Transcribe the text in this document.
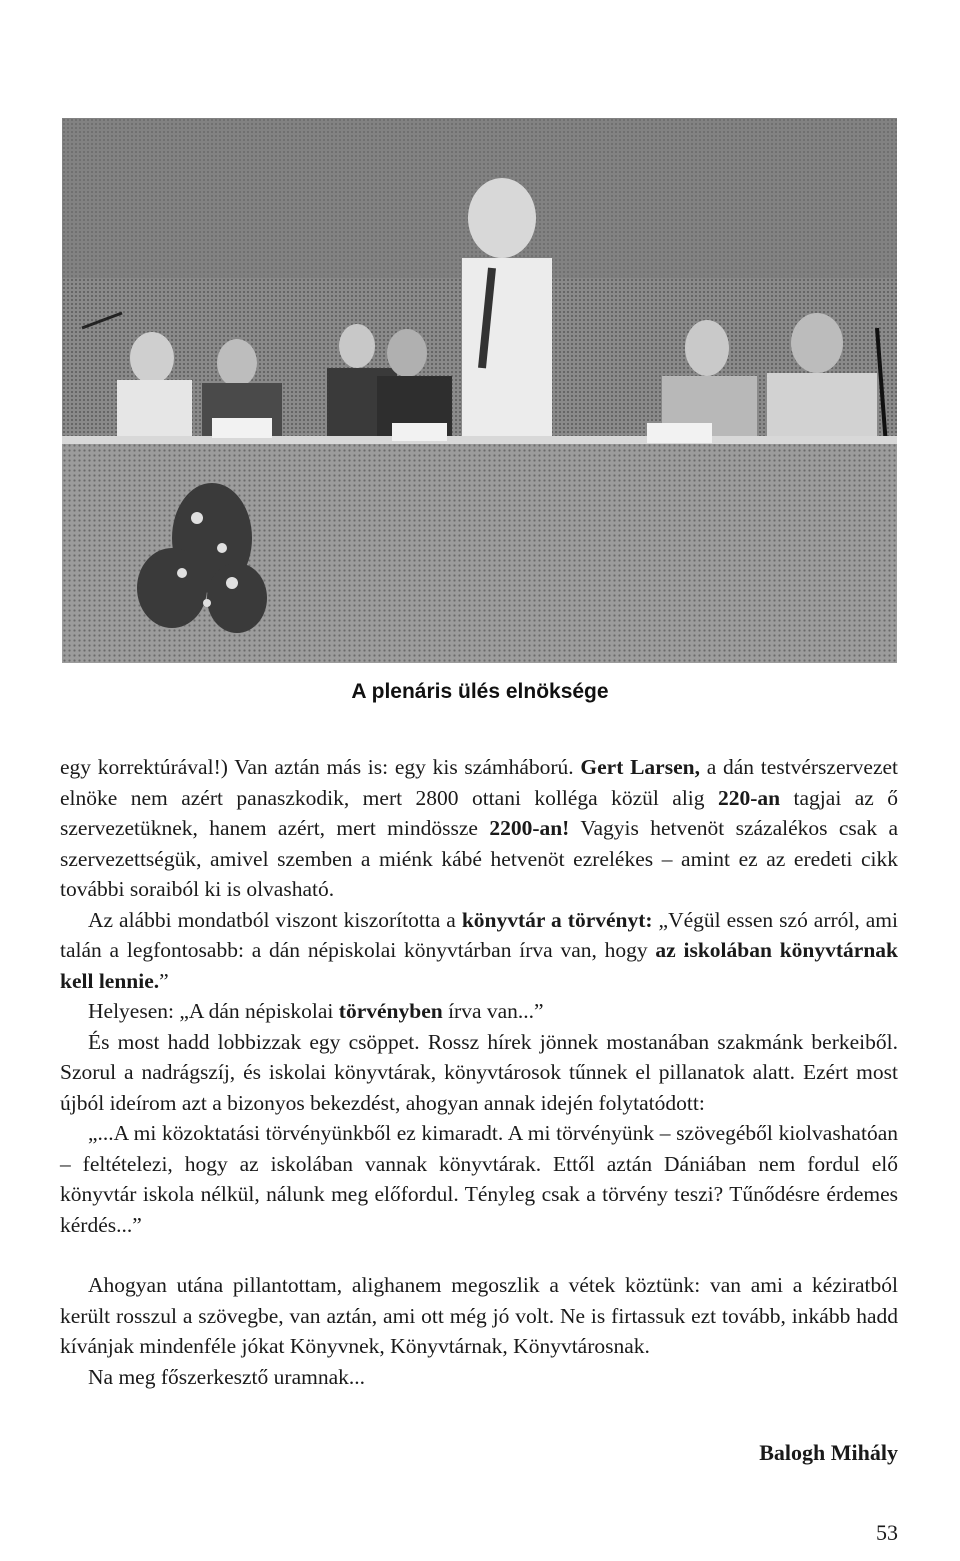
A plenáris ülés elnöksége

egy korrektúrával!) Van aztán más is: egy kis számháború. Gert Larsen, a dán testvérszervezet elnöke nem azért panaszkodik, mert 2800 ottani kolléga közül alig 220-an tagjai az ő szervezetüknek, hanem azért, mert mindössze 2200-an! Vagyis hetvenöt százalékos csak a szervezettségük, amivel szemben a miénk kábé hetvenöt ezrelékes – amint ez az eredeti cikk további soraiból ki is olvasható.

Az alábbi mondatból viszont kiszorította a könyvtár a törvényt: „Végül essen szó arról, ami talán a legfontosabb: a dán népiskolai könyvtárban írva van, hogy az iskolában könyvtárnak kell lennie.”

Helyesen: „A dán népiskolai törvényben írva van...”

És most hadd lobbizzak egy csöppet. Rossz hírek jönnek mostanában szakmánk berkeiből. Szorul a nadrágszíj, és iskolai könyvtárak, könyvtárosok tűnnek el pillanatok alatt. Ezért most újból ideírom azt a bizonyos bekezdést, ahogyan annak idején folytatódott:

„...A mi közoktatási törvényünkből ez kimaradt. A mi törvényünk – szövegéből kiolvashatóan – feltételezi, hogy az iskolában vannak könyvtárak. Ettől aztán Dániában nem fordul elő könyvtár iskola nélkül, nálunk meg előfordul. Tényleg csak a törvény teszi? Tűnődésre érdemes kérdés...”

Ahogyan utána pillantottam, alighanem megoszlik a vétek köztünk: van ami a kéziratból került rosszul a szövegbe, van aztán, ami ott még jó volt. Ne is firtassuk ezt tovább, inkább hadd kívánjak mindenféle jókat Könyvnek, Könyvtárnak, Könyvtárosnak.

Na meg főszerkesztő uramnak...

Balogh Mihály
53
